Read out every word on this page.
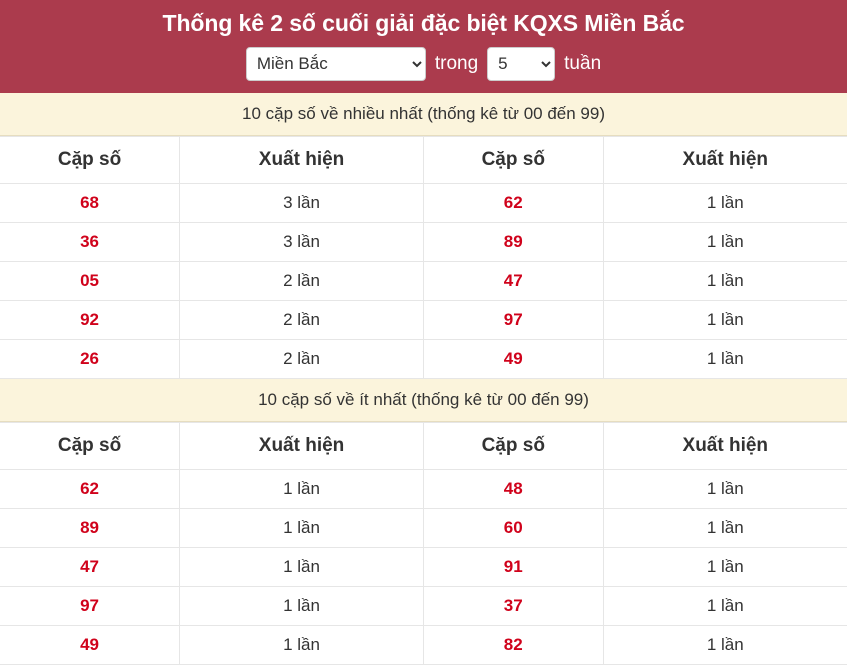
Thống kê 2 số cuối giải đặc biệt KQXS Miền Bắc
Miền Bắc
trong
5	tuần
10 cặp số về nhiều nhất (thống kê từ 00 đến 99)
Cặp số	Xuất hiện	Cặp số	Xuất hiện
68	3 lần	62	1 lần
36	3 lần	89	1 lần
05	2 lần	47	1 lần
92	2 lần	97	1 lần
26	2 lần	49	1 lần
10 cặp số về ít nhất (thống kê từ 00 đến 99)
Cặp số	Xuất hiện	Cặp số	Xuất hiện
62	1 lần	48	1 lần
89	1 lần	60	1 lần
47	1 lần	91	1 lần
97	1 lần	37	1 lần
49	1 lần	82	1 lần
